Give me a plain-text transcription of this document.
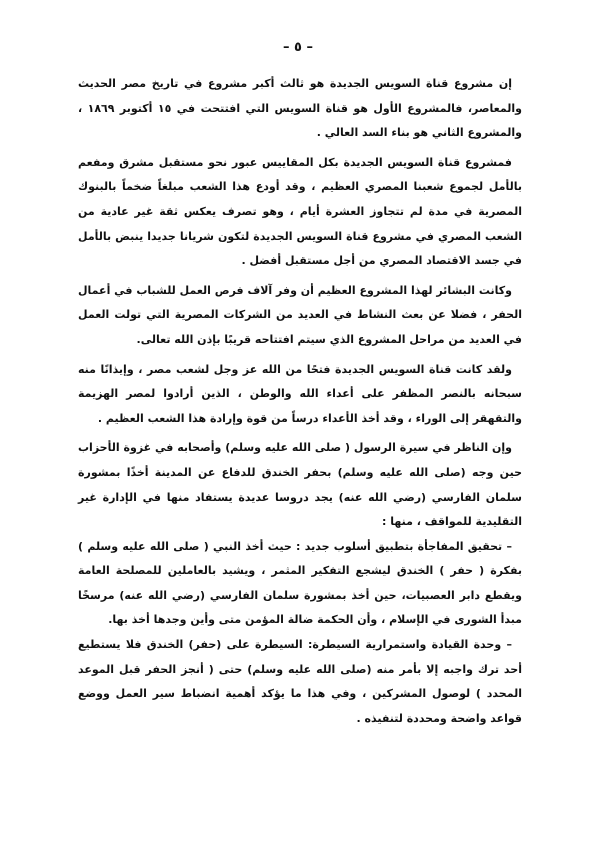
– ٥ –

إن مشروع قناة السويس الجديدة هو ثالث أكبر مشروع في تاريخ مصر الحديث والمعاصر، فالمشروع الأول هو قناة السويس التي افتتحت في ١٥ أكتوبر ١٨٦٩ ، والمشروع الثاني هو بناء السد العالي .

فمشروع قناة السويس الجديدة بكل المقاييس عبور نحو مستقبل مشرق ومفعم بالأمل لجموع شعبنا المصري العظيم ، وقد أودع هذا الشعب مبلغاً ضخماً بالبنوك المصرية في مدة لم تتجاوز العشرة أيام ، وهو تصرف يعكس ثقة غير عادية من الشعب المصري في مشروع قناة السويس الجديدة لتكون شريانا جديدا ينبض بالأمل في جسد الاقتصاد المصري من أجل مستقبل أفضل .

وكانت البشائر لهذا المشروع العظيم أن وفر آلاف فرص العمل للشباب في أعمال الحفر ، فضلا عن بعث النشاط في العديد من الشركات المصرية التي تولت العمل في العديد من مراحل المشروع الذي سيتم افتتاحه قريبًا بإذن الله تعالى.

ولقد كانت قناة السويس الجديدة فتحًا من الله عز وجل لشعب مصر ، وإيذانًا منه سبحانه بالنصر المظفر على أعداء الله والوطن ، الذين أرادوا لمصر الهزيمة والتقهقر إلى الوراء ، وقد أخذ الأعداء درساً من قوة وإرادة هذا الشعب العظيم .

وإن الناظر في سيرة الرسول ( صلى الله عليه وسلم) وأصحابه في غزوة الأحزاب حين وجه (صلى الله عليه وسلم) بحفر الخندق للدفاع عن المدينة أخذًا بمشورة سلمان الفارسي (رضي الله عنه) يجد دروسا عديدة يستفاد منها في الإدارة غير التقليدية للمواقف ، منها :

– تحقيق المفاجأة بتطبيق أسلوب جديد : حيث أخذ النبي ( صلى الله عليه وسلم ) بفكرة ( حفر ) الخندق ليشجع التفكير المثمر ، ويشيد بالعاملين للمصلحة العامة ويقطع دابر العصبيات، حين أخذ بمشورة سلمان الفارسي (رضي الله عنه) مرسخًا مبدأ الشورى في الإسلام ، وأن الحكمة ضالة المؤمن متى وأين وجدها أخذ بها.

– وحدة القيادة واستمرارية السيطرة: السيطرة على (حفر) الخندق فلا يستطيع أحد ترك واجبه إلا بأمر منه (صلى الله عليه وسلم) حتى ( أنجز الحفر قبل الموعد المحدد ) لوصول المشركين ، وفي هذا ما يؤكد أهمية انضباط سير العمل ووضع قواعد واضحة ومحددة لتنفيذه .
